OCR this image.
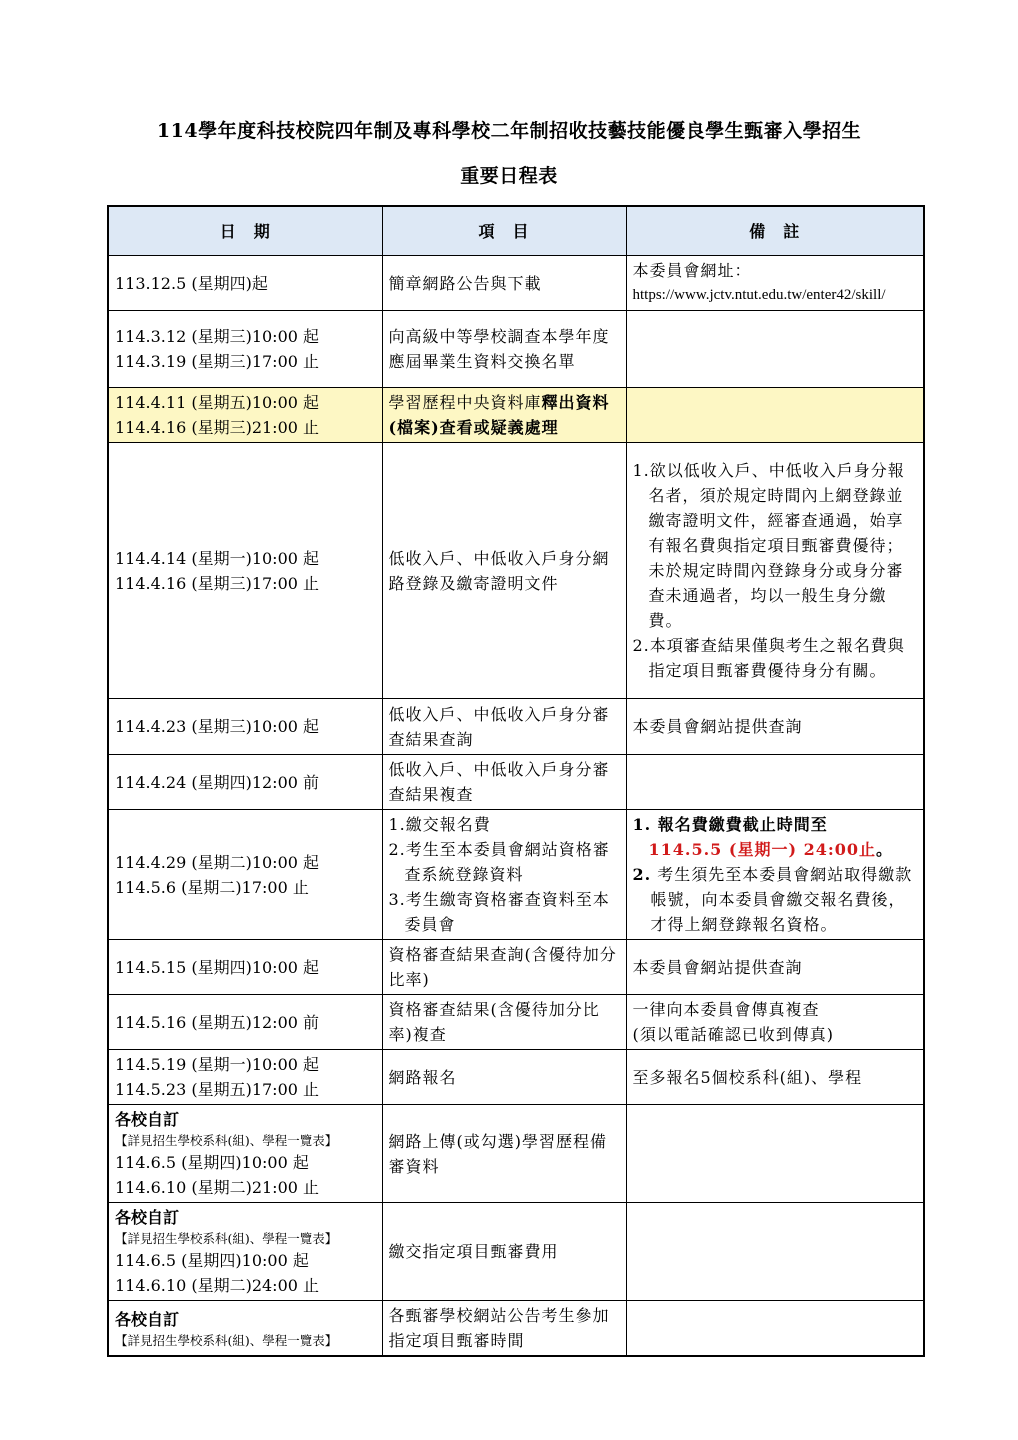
114學年度科技校院四年制及專科學校二年制招收技藝技能優良學生甄審入學招生
重要日程表
日　期	項　目	備　註

113.12.5 (星期四)起	簡章網路公告與下載	本委員會網址：
https://www.jctv.ntut.edu.tw/enter42/skill/

114.3.12 (星期三)10:00 起
114.3.19 (星期三)17:00 止	向高級中等學校調查本學年度應屆畢業生資料交換名單	

114.4.11 (星期五)10:00 起
114.4.16 (星期三)21:00 止	學習歷程中央資料庫釋出資料(檔案)查看或疑義處理	

114.4.14 (星期一)10:00 起
114.4.16 (星期三)17:00 止	低收入戶、中低收入戶身分網路登錄及繳寄證明文件	1.欲以低收入戶、中低收入戶身分報名者，須於規定時間內上網登錄並繳寄證明文件，經審查通過，始享有報名費與指定項目甄審費優待；未於規定時間內登錄身分或身分審查未通過者，均以一般生身分繳費。
2.本項審查結果僅與考生之報名費與指定項目甄審費優待身分有關。

114.4.23 (星期三)10:00 起	低收入戶、中低收入戶身分審查結果查詢	本委員會網站提供查詢

114.4.24 (星期四)12:00 前	低收入戶、中低收入戶身分審查結果複查	

114.4.29 (星期二)10:00 起
114.5.6 (星期二)17:00 止	1.繳交報名費
2.考生至本委員會網站資格審查系統登錄資料
3.考生繳寄資格審查資料至本委員會	1. 報名費繳費截止時間至
114.5.5 (星期一) 24:00止。
2. 考生須先至本委員會網站取得繳款帳號，向本委員會繳交報名費後，才得上網登錄報名資格。

114.5.15 (星期四)10:00 起	資格審查結果查詢(含優待加分比率)	本委員會網站提供查詢

114.5.16 (星期五)12:00 前	資格審查結果(含優待加分比率)複查	一律向本委員會傳真複查
(須以電話確認已收到傳真)

114.5.19 (星期一)10:00 起
114.5.23 (星期五)17:00 止	網路報名	至多報名5個校系科(組)、學程

各校自訂
【詳見招生學校系科(組)、學程一覽表】
114.6.5 (星期四)10:00 起
114.6.10 (星期二)21:00 止	網路上傳(或勾選)學習歷程備審資料	

各校自訂
【詳見招生學校系科(組)、學程一覽表】
114.6.5 (星期四)10:00 起
114.6.10 (星期二)24:00 止	繳交指定項目甄審費用	

各校自訂
【詳見招生學校系科(組)、學程一覽表】	各甄審學校網站公告考生參加指定項目甄審時間	
